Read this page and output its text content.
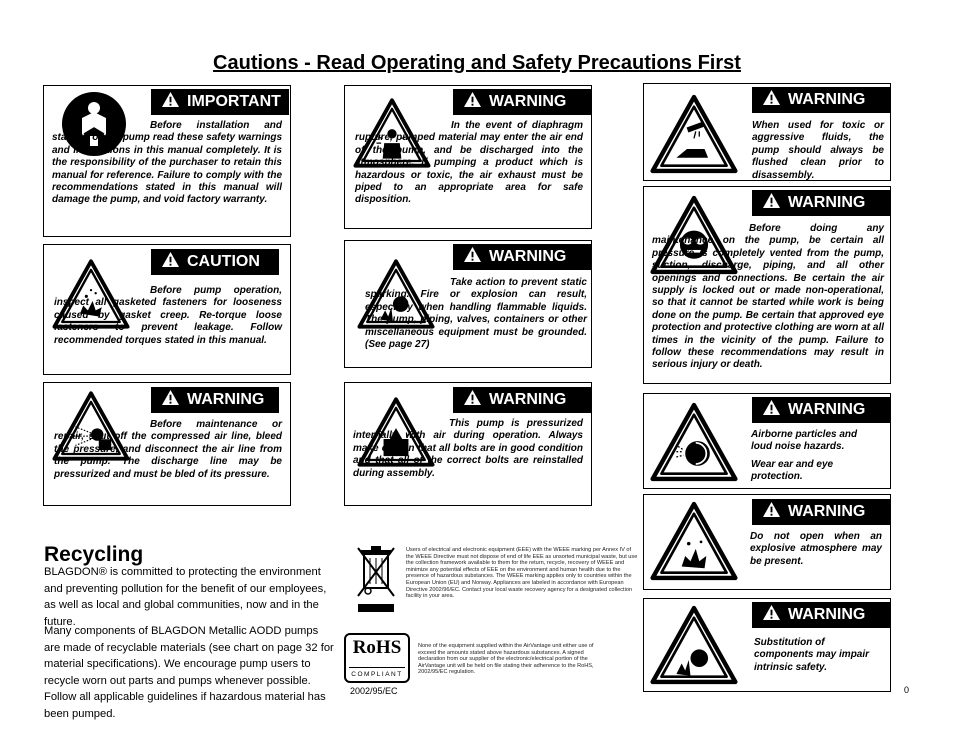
Cautions - Read Operating and Safety Precautions First
IMPORTANT
Before installation and start-up of the pump read these safety warnings and instructions in this manual completely. It is the responsibility of the purchaser to retain this manual for reference. Failure to comply with the recommendations stated in this manual will damage the pump, and void factory warranty.
CAUTION
Before pump operation, inspect all gasketed fasteners for looseness caused by gasket creep. Re-torque loose fasteners to prevent leakage. Follow recommended torques stated in this manual.
WARNING
Before maintenance or repair, shut off the compressed air line, bleed the pressure, and disconnect the air line from the pump. The discharge line may be pressurized and must be bled of its pressure.
WARNING
In the event of diaphragm rupture, pumped material may enter the air end of the pump, and be discharged into the atmosphere. If pumping a product which is hazardous or toxic, the air exhaust must be piped to an appropriate area for safe disposition.
WARNING
Take action to prevent static sparking. Fire or explosion can result, especially when handling flammable liquids. The pump, piping, valves, containers or other miscellaneous equipment must be grounded. (See page 27)
WARNING
This pump is pressurized internally with air during operation. Always make certain that all bolts are in good condition and that all of the correct bolts are reinstalled during assembly.
WARNING
When used for toxic or aggressive fluids, the pump should always be flushed clean prior to disassembly.
WARNING
Before doing any maintenance on the pump, be certain all pressure is completely vented from the pump, suction, discharge, piping, and all other openings and connections. Be certain the air supply is locked out or made non-operational, so that it cannot be started while work is being done on the pump. Be certain that approved eye protection and protective clothing are worn at all times in the vicinity of the pump. Failure to follow these recommendations may result in serious injury or death.
WARNING
Airborne particles and loud noise hazards.
Wear ear and eye protection.
WARNING
Do not open when an explosive atmosphere may be present.
WARNING
Substitution of components may impair intrinsic safety.
Recycling
BLAGDON® is committed to protecting the environment and preventing pollution for the benefit of our employees, as well as local and global communities, now and in the future.
Many components of BLAGDON Metallic AODD pumps are made of recyclable materials (see chart on page 32 for material specifications). We encourage pump users to recycle worn out parts and pumps whenever possible. Follow all applicable guidelines if hazardous material has been pumped.
Users of electrical and electronic equipment (EEE) with the WEEE marking per Annex IV of the WEEE Directive must not dispose of end of life EEE as unsorted municipal waste, but use the collection framework available to them for the return, recycle, recovery of WEEE and minimize any potential effects of EEE on the environment and human health due to the presence of hazardous substances. The WEEE marking applies only to countries within the European Union (EU) and Norway. Appliances are labeled in accordance with European Directive 2002/96/EC. Contact your local waste recovery agency for a designated collection facility in your area.
RoHS
COMPLIANT
2002/95/EC
None of the equipment supplied within the AirVantage unit either use of exceed the amounts stated above hazardous substances. A signed declaration from our supplier of the electronic/electrical portion of the AirVantage unit will be held on file stating their adherence to the RoHS, 2002/95/EC regulation.
0
